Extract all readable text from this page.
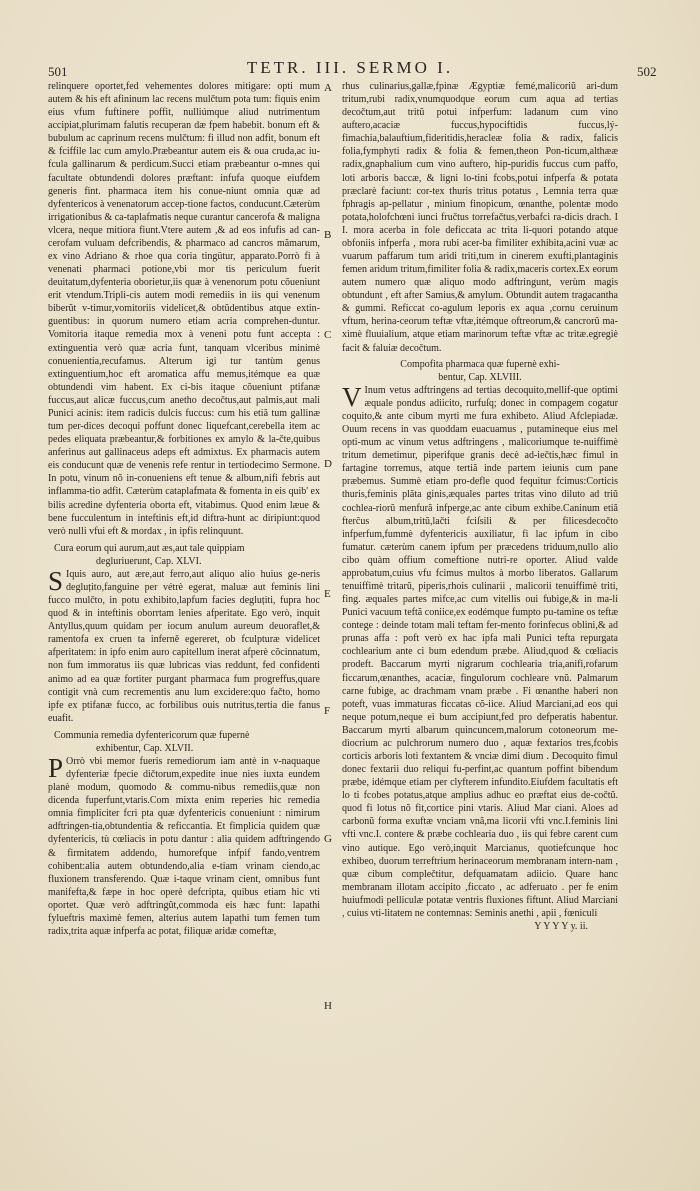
501	TETR. III. SERMO I.	502

relinquere oportet,fed vehementes dolores mitigare: opti mum autem & his eft afininum lac recens mulčtum pota tum: fiquis enim eius vfum fuftinere poffit, nulliúmque aliud nutrimentum accipiat,plurimam falutis recuperan dæ fpem habebit. bonum eft & bubulum ac caprinum recens mulčtum: fi illud non adfit, bonum eft & fciffile lac cum amylo.Præbeantur autem eis & oua cruda,ac iu-fcula gallinarum & perdicum.Succi etiam præbeantur o-mnes qui facultate obtundendi dolores præftant: infufa quoque eiufdem generis fint. pharmaca item his conue-niunt omnia quæ ad dyfentericos à venenatorum accep-tione factos, conducunt.Cæterùm irrigationibus & ca-taplafmatis neque curantur cancerofa & maligna vlcera, neque mitiora fiunt.Vtere autem ,& ad eos infufis ad can-cerofam vuluam defcribendis, & pharmaco ad cancros mămarum, ex vino Adriano & rhoe qua coria tingütur, apparato.Porrò fi à venenati pharmaci potione,vbi mor tis periculum fuerit deuitatum,dyfenteria oborietur,iis quæ à venenorum potu cŏueniunt erit vtendum.Tripli-cis autem modi remediis in iis qui venenum biberŭt v-timur,vomitoriis videlicet,& obtŭdentibus atque extin-guentibus: in quorum numero etiam acria comprehen-duntur. Vomitoria itaque remedia mox à veneni potu funt accepta : extinguentia verò quæ acria funt, tanquam vlceribus minimè conuenientia,recufamus. Alterum igi tur tantùm genus extinguentium,hoc eft aromatica affu memus,itémque ea quæ obtundendi vim habent. Ex ci-bis itaque cŏueniunt ptifanæ fuccus,aut alicæ fuccus,cum anetho decočtus,aut palmis,aut mali Punici acinis: item radicis dulcis fuccus: cum his etiă tum gallinæ tum per-dices decoqui poffunt donec liquefcant,cerebella item ac pedes eliquata præbeantur,& forbitiones ex amylo & la-čte,quibus anferinus aut gallinaceus adeps eft admixtus. Ex pharmacis autem eis conducunt quæ de venenis refe rentur in tertiodecimo Sermone. In potu, vinum nŏ in-conueniens eft tenue & album,nifi febris aut inflamma-tio adfit. Cæterùm cataplafmata & fomenta in eis quib' ex bilis acredine dyfenteria oborta eft, vitabimus. Quod enim læue & bene fucculentum in inteftinis eft,id diftra-hunt ac diripiunt:quod verò nulli vfui eft & mordax , in ipfis relinquunt.

Cura eorum qui aurum,aut æs,aut tale quippiam
degluriuerunt, Cap. XLVI.

S Iquis auro, aut ære,aut ferro,aut aliquo alio huius ge-neris degluțito,fanguine per vétrè egerat, maluæ aut feminis lini fucco mulčto, in potu exhibito,lapfum facies degluțiti, fupra hoc quod & in inteftinis oborrtam lenies afperitate. Ego verò, inquit Antyllus,quum quidam per iocum anulum aureum deuoraflet,& ramentofa ex cruen ta inferně egereret, ob fculpturæ videlicet afperitatem: in ipfo enim auro capitellum inerat afperè cŏcinnatum, non fum immoratus iis quæ lubricas vias reddunt, fed confidenti animo ad ea quæ fortiter purgant pharmaca fum progreffus,quare contigit vnà cum recrementis anu lum excidere:quo fačto, homo ipfe ex ptifanæ fucco, ac forbilibus ouis nutritus,tertia die fanus euafit.

Communia remedia dyfentericorum quæ fupernè
exhibentur, Cap. XLVII.

P Orrò vbi memor fueris remediorum iam antè in v-naquaque dyfenteriæ fpecie dičtorum,expedite inue nies iuxta eundem planè modum, quomodo & commu-nibus remediis,quæ non dicenda fuperfunt,vtaris.Com mixta enim reperies hic remedia omnia fimpliciter fcri pta quæ dyfentericis conueniunt : nimirum adftringen-tia,obtundentia & reficcantia. Et fimplicia quidem quæ dyfentericis, tù cœliacis in potu dantur : alia quidem adftringendo & firmitatem addendo, humorefque infpif fando,ventrem cohibent:alia autem obtundendo,alia e-tiam vrinam ciendo,ac fluxionem transferendo. Quæ i-taque vrinam cient, omnibus funt manifefta,& fæpe in hoc operè defcripta, quibus etiam hic vti oportet. Quæ verò adftringŭt,commoda eis hæc funt: lapathi fylueftris maximè femen, alterius autem lapathi tum femen tum radix,trita aquæ infperfa ac potat, filiquæ aridæ comeftæ,

rhus culinarius,gallæ,fpinæ Ægyptiæ femé,malicoriŭ ari-dum tritum,rubi radix,vnumquodque eorum cum aqua ad tertias decočtum,aut tritŭ potui infperfum: ladanum cum vino auftero,acaciæ fuccus,hypociftidis fuccus,lý-fimachia,balauftium,fideritidis,heracleæ folia & radix, falicis folia,fymphyti radix & folia & femen,theon Pon-ticum,althææ radix,gnaphalium cum vino auftero, hip-puridis fuccus cum paffo, loti arboris baccæ, & ligni lo-tini fcobs,potui infperfa & potata præclarè faciunt: cor-tex thuris tritus potatus , Lemnia terra quæ fphragis ap-pellatur , minium finopicum, œnanthe, polentæ modo potata,holofchœni iunci fručtus torrefačtus,verbafci ra-dicis drach. I I. mora acerba in fole deficcata ac trita li-quori potando atque obfoniis infperfa , mora rubi acer-ba fimiliter exhibita,acini vuæ ac vuarum paffarum tum aridi triti,tum in cinerem exufti,plantaginis femen aridum tritum,fimiliter folia & radix,maceris cortex.Ex eorum autem numero quæ aliquo modo adftringunt, verùm magis obtundunt , eft after Samius,& amylum. Obtundit autem tragacantha & gummi. Reficcat co-agulum leporis ex aqua ,cornu ceruinum vftum, herina-ceorum teftæ vftæ,itémque oftreorum,& cancrorŭ ma-ximè fluuialium, atque etiam marinorum teftæ vftæ ac tritæ.egregiè facit & faluiæ decočtum.

Compofita pharmaca quæ fupernè exhi-
bentur, Cap. XLVIII.

V Inum vetus adftringens ad tertias decoquito,mellif-que optimi æquale pondus adiicito, rurfuſq; donec in compagem cogatur coquito,& ante cibum myrti me fura exhibeto. Aliud Afclepiadæ. Ouum recens in vas quoddam euacuamus , putamineque eius mel opti-mum ac vinum vetus adftringens , malicoriumque te-nuiffimè tritum demetimur, piperifque granis decè ad-iečtis,hæc fimul in fartagine torremus, atque tertiă inde partem ieiunis cum pane præbemus. Summè etiam pro-defle quod fequitur fcimus:Corticis thuris,feminis plăta ginis,æquales partes tritas vino diluto ad triŭ cochlea-riorŭ menfură infperge,ac ante cibum exhibe.Caninum etiă fterĉus album,tritŭ,lačti fciſsili & per filicesdecočto infperfum,fummè dyfentericis auxiliatur, fi lac ipfum in cibo fumatur. cæterùm canem ipfum per præcedens triduum,nullo alio cibo quàm offium comeftione nutri-re oporter. Aliud valde approbatum,cuius vfu fcimus multos à morbo liberatos. Gallarum tenuiffimè tritarŭ, piperis,rhois culinarii , malicorii tenuiffimè triti, fing. æquales partes mifce,ac cum vitellis oui fubige,& in ma-li Punici vacuum teftă coniice,ex eodémque fumpto pu-tamine os teftæ contege : deinde totam mali teftam fer-mento forinfecus oblini,& ad prunas affa : poft verò ex hac ipfa mali Punici tefta repurgata cochlearium ante ci bum edendum præbe. Aliud,quod & cœliacis prodeft. Baccarum myrti nigrarum cochlearia tria,anifi,rofarum ficcarum,œnanthes, acaciæ, fingulorum cochleare vnŭ. Palmarum carne fubige, ac drachmam vnam præbe . Fi œnanthe haberi non poteft, vuas immaturas ficcatas cŏ-iice. Aliud Marciani,ad eos qui neque potum,neque ei bum accipiunt,fed pro defperatis habentur. Baccarum myrti albarum quincuncem,malorum cotoneorum me-diocrium ac pulchrorum numero duo , aquæ fextarios tres,fcobis corticis arboris loti fextantem & vnciæ dimi dium . Decoquito fimul donec fextarii duo reliqui fu-perfint,ac quantum poffint bibendum præbe, idémque etiam per clyfterem infundito.Eiufdem facultatis eft lo ti fcobes potatus,atque amplius adhuc eo præftat eius de-cočtŭ. quod fi lotus nŏ fit,cortice pini vtaris. Aliud Mar ciani. Aloes ad carbonŭ forma exuftæ vncìam vnă,ma licorii vfti vnc.I.feminis lini vfti vnc.I. contere & præbe cochlearia duo , iis qui febre carent cum vino autique. Ego verò,inquit Marcianus, quotiefcunque hoc exhibeo, duorum terreftrium herinaceorum membranam intern-nam , quæ cibum complečtitur, defquamatam adiicio. Quare hanc membranam illotam accipito ,ficcato , ac adferuato . per fe enim huiufmodi pelliculæ potatæ ventris fluxiones fiftunt. Aliud Marciani , cuius vti-litatem ne contemnas: Seminis anethi , apii , fœniculi

Y Y Y Y y. ii.
A
B
C
D
E
F
G
H
